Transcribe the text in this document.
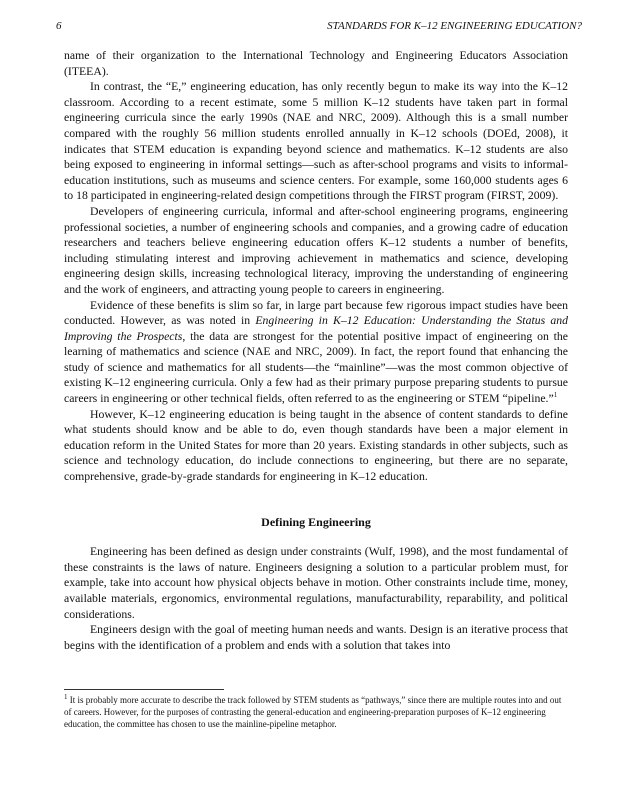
6	STANDARDS FOR K–12 ENGINEERING EDUCATION?

name of their organization to the International Technology and Engineering Educators Association (ITEEA).

In contrast, the “E,” engineering education, has only recently begun to make its way into the K–12 classroom. According to a recent estimate, some 5 million K–12 students have taken part in formal engineering curricula since the early 1990s (NAE and NRC, 2009). Although this is a small number compared with the roughly 56 million students enrolled annually in K–12 schools (DOEd, 2008), it indicates that STEM education is expanding beyond science and mathematics. K–12 students are also being exposed to engineering in informal settings—such as after-school programs and visits to informal-education institutions, such as museums and science centers. For example, some 160,000 students ages 6 to 18 participated in engineering-related design competitions through the FIRST program (FIRST, 2009).

Developers of engineering curricula, informal and after-school engineering programs, engineering professional societies, a number of engineering schools and companies, and a growing cadre of education researchers and teachers believe engineering education offers K–12 students a number of benefits, including stimulating interest and improving achievement in mathematics and science, developing engineering design skills, increasing technological literacy, improving the understanding of engineering and the work of engineers, and attracting young people to careers in engineering.

Evidence of these benefits is slim so far, in large part because few rigorous impact studies have been conducted. However, as was noted in Engineering in K–12 Education: Understanding the Status and Improving the Prospects, the data are strongest for the potential positive impact of engineering on the learning of mathematics and science (NAE and NRC, 2009). In fact, the report found that enhancing the study of science and mathematics for all students—the “mainline”—was the most common objective of existing K–12 engineering curricula. Only a few had as their primary purpose preparing students to pursue careers in engineering or other technical fields, often referred to as the engineering or STEM “pipeline.”$^1$

However, K–12 engineering education is being taught in the absence of content standards to define what students should know and be able to do, even though standards have been a major element in education reform in the United States for more than 20 years. Existing standards in other subjects, such as science and technology education, do include connections to engineering, but there are no separate, comprehensive, grade-by-grade standards for engineering in K–12 education.

Defining Engineering

Engineering has been defined as design under constraints (Wulf, 1998), and the most fundamental of these constraints is the laws of nature. Engineers designing a solution to a particular problem must, for example, take into account how physical objects behave in motion. Other constraints include time, money, available materials, ergonomics, environmental regulations, manufacturability, reparability, and political considerations.

Engineers design with the goal of meeting human needs and wants. Design is an iterative process that begins with the identification of a problem and ends with a solution that takes into

$^1$ It is probably more accurate to describe the track followed by STEM students as “pathways,” since there are multiple routes into and out of careers. However, for the purposes of contrasting the general-education and engineering-preparation purposes of K–12 engineering education, the committee has chosen to use the mainline-pipeline metaphor.
